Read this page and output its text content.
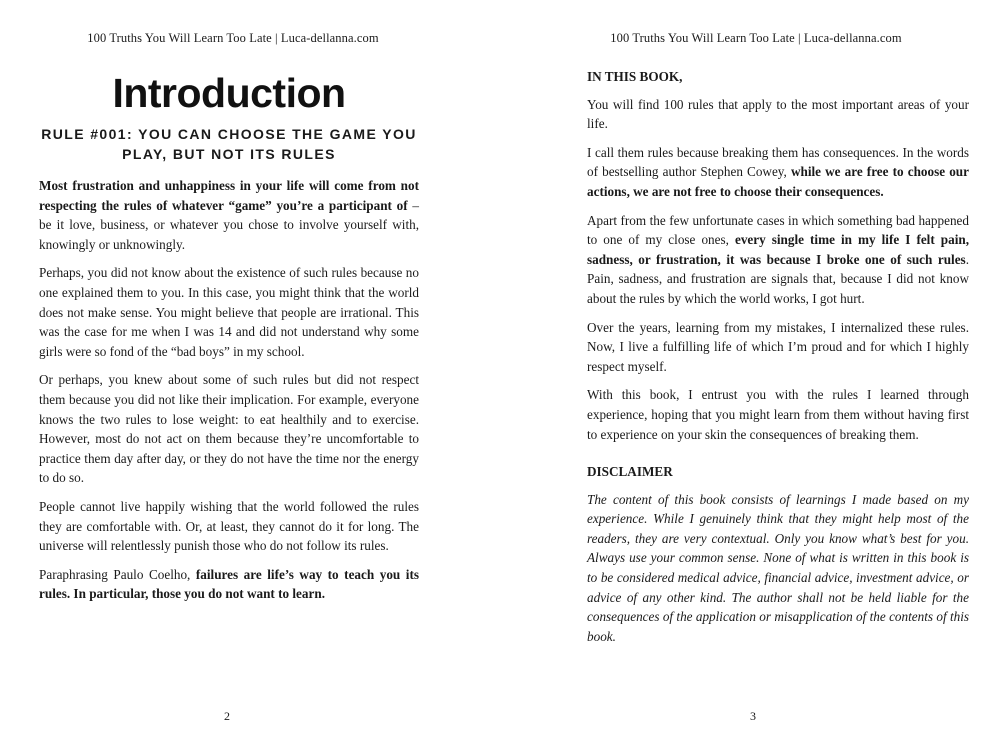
100 Truths You Will Learn Too Late | Luca-dellanna.com
Introduction
RULE #001: YOU CAN CHOOSE THE GAME YOU PLAY, BUT NOT ITS RULES

Most frustration and unhappiness in your life will come from not respecting the rules of whatever “game” you’re a participant of – be it love, business, or whatever you chose to involve yourself with, knowingly or unknowingly.

Perhaps, you did not know about the existence of such rules because no one explained them to you. In this case, you might think that the world does not make sense. You might believe that people are irrational. This was the case for me when I was 14 and did not understand why some girls were so fond of the “bad boys” in my school.

Or perhaps, you knew about some of such rules but did not respect them because you did not like their implication. For example, everyone knows the two rules to lose weight: to eat healthily and to exercise. However, most do not act on them because they’re uncomfortable to practice them day after day, or they do not have the time nor the energy to do so.

People cannot live happily wishing that the world followed the rules they are comfortable with. Or, at least, they cannot do it for long. The universe will relentlessly punish those who do not follow its rules.

Paraphrasing Paulo Coelho, failures are life’s way to teach you its rules. In particular, those you do not want to learn.

2
100 Truths You Will Learn Too Late | Luca-dellanna.com
IN THIS BOOK,

You will find 100 rules that apply to the most important areas of your life.

I call them rules because breaking them has consequences. In the words of bestselling author Stephen Cowey, while we are free to choose our actions, we are not free to choose their consequences.

Apart from the few unfortunate cases in which something bad happened to one of my close ones, every single time in my life I felt pain, sadness, or frustration, it was because I broke one of such rules. Pain, sadness, and frustration are signals that, because I did not know about the rules by which the world works, I got hurt.

Over the years, learning from my mistakes, I internalized these rules. Now, I live a fulfilling life of which I’m proud and for which I highly respect myself.

With this book, I entrust you with the rules I learned through experience, hoping that you might learn from them without having first to experience on your skin the consequences of breaking them.

DISCLAIMER

The content of this book consists of learnings I made based on my experience. While I genuinely think that they might help most of the readers, they are very contextual. Only you know what’s best for you. Always use your common sense. None of what is written in this book is to be considered medical advice, financial advice, investment advice, or advice of any other kind. The author shall not be held liable for the consequences of the application or misapplication of the contents of this book.

3
